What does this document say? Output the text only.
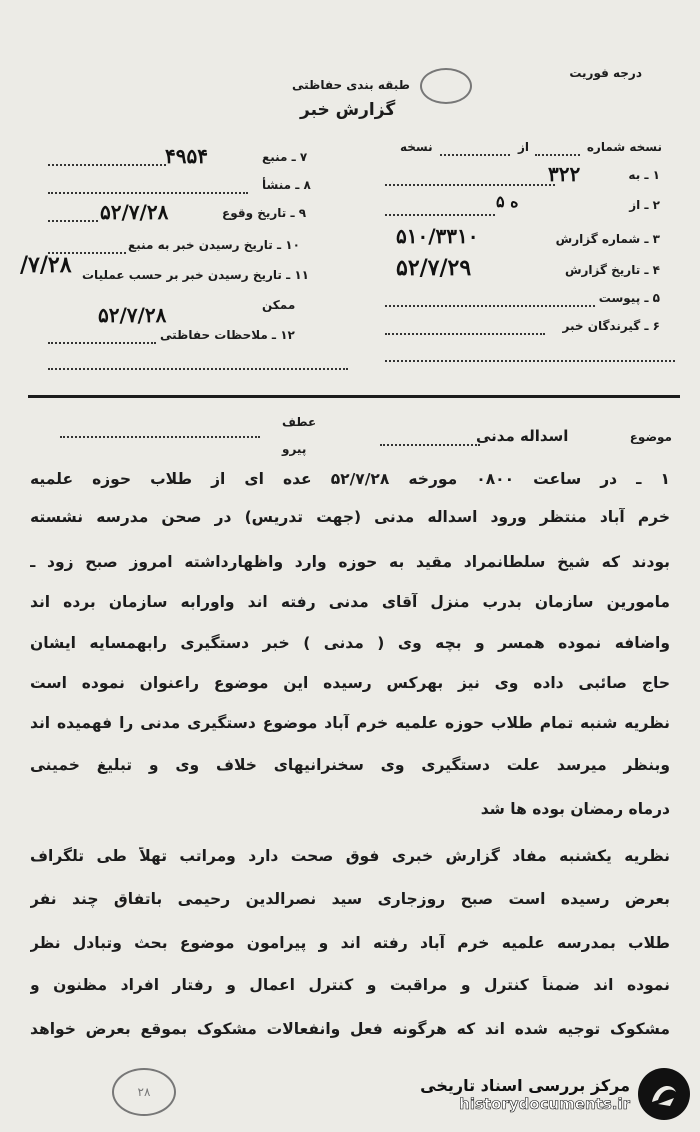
درجه فوریت
طبقه بندی حفاظتی
گزارش خبر
نسخه شماره
از
نسخه
۱ ـ به
۳۲۲
۲ ـ از
۵ ه
۳ ـ شماره گزارش
۵۱۰/۳۳۱۰
۴ ـ تاریخ گزارش
۵۲/۷/۲۹
۵ ـ پیوست
۶ ـ گیرندگان خبر
۷ ـ منبع
۴۹۵۴
۸ ـ منشأ
۹ ـ تاریخ وقوع
۵۲/۷/۲۸
۱۰ ـ تاریخ رسیدن خبر به منبع
/۷/۲۸ ۱۱ ـ تاریخ رسیدن خبر بر حسب عملیات
ممکن
۵۲/۷/۲۸
۱۲ ـ ملاحظات حفاظتی
عطف
پیرو
موضوع
اسداله مدنی
۱ ـ در ساعت ۰۸۰۰ مورخه ۵۲/۷/۲۸ عده ای از طلاب حوزه علمیه
خرم آباد منتظر ورود اسداله مدنی (جهت تدریس) در صحن مدرسه نشسته
بودند که شیخ سلطانمراد مقید به حوزه وارد واظهارداشته امروز صبح زود ـ
مامورین سازمان بدرب منزل آقای مدنی رفته اند واورابه سازمان برده اند
واضافه نموده همسر و بچه وی ( مدنی ) خبر دستگیری رابهمسایه ایشان
حاج صائبی داده وی نیز بهرکس رسیده این موضوع راعنوان نموده است
نظریه شنبه تمام طلاب حوزه علمیه خرم آباد موضوع دستگیری مدنی را فهمیده اند
وبنظر میرسد علت دستگیری وی سخنرانیهای خلاف وی و تبلیغ خمینی
درماه رمضان بوده ها شد
نظریه یکشنبه مفاد گزارش خبری فوق صحت دارد ومراتب تهلاً طی تلگراف
بعرض رسیده است صبح روزجاری سید نصرالدین رحیمی باتفاق چند نفر
طلاب بمدرسه علمیه خرم آباد رفته اند و پیرامون موضوع بحث وتبادل نظر
نموده اند ضمناً کنترل و مراقبت و کنترل اعمال و رفتار افراد مظنون و
مشکوک توجیه شده اند که هرگونه فعل وانفعالات مشکوک بموقع بعرض خواهد
۲۸	مرکز بررسی اسناد تاریخی
historydocuments.ir
